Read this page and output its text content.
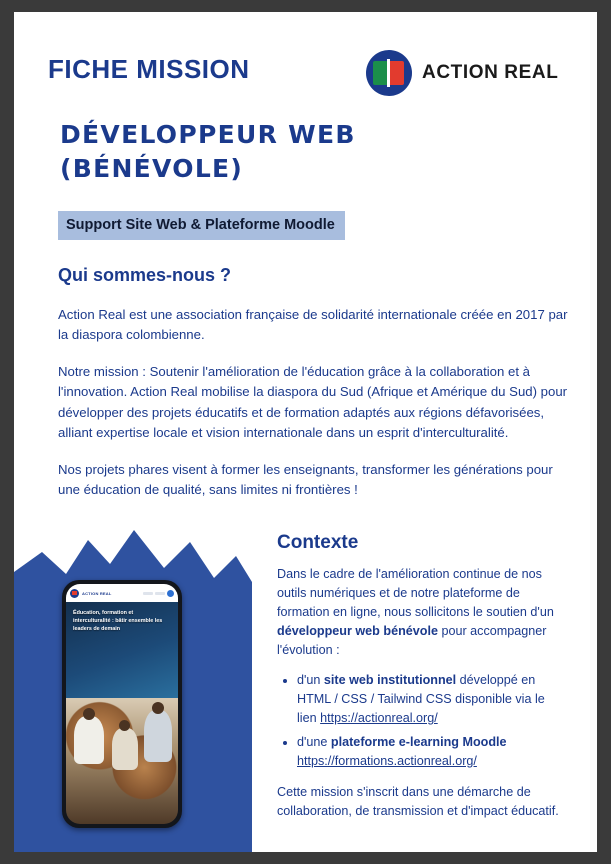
FICHE MISSION	ACTION REAL
DÉVELOPPEUR WEB
(BÉNÉVOLE)
Support Site Web & Plateforme Moodle
Qui sommes-nous ?

Action Real est une association française de solidarité internationale créée en 2017 par la diaspora colombienne.

Notre mission : Soutenir l'amélioration de l'éducation grâce à la collaboration et à l'innovation. Action Real mobilise la diaspora du Sud (Afrique et Amérique du Sud) pour développer des projets éducatifs et de formation adaptés aux régions défavorisées, alliant expertise locale et vision internationale dans un esprit d'interculturalité.

Nos projets phares visent à former les enseignants, transformer les générations pour une éducation de qualité, sans limites ni frontières !

ACTION REAL
Éducation, formation et interculturalité : bâtir ensemble les leaders de demain
Contexte

Dans le cadre de l'amélioration continue de nos outils numériques et de notre plateforme de formation en ligne, nous sollicitons le soutien d'un développeur web bénévole pour accompagner l'évolution :

• d'un site web institutionnel développé en HTML / CSS / Tailwind CSS disponible via le lien https://actionreal.org/
• d'une plateforme e-learning Moodle
https://formations.actionreal.org/

Cette mission s'inscrit dans une démarche de collaboration, de transmission et d'impact éducatif.
